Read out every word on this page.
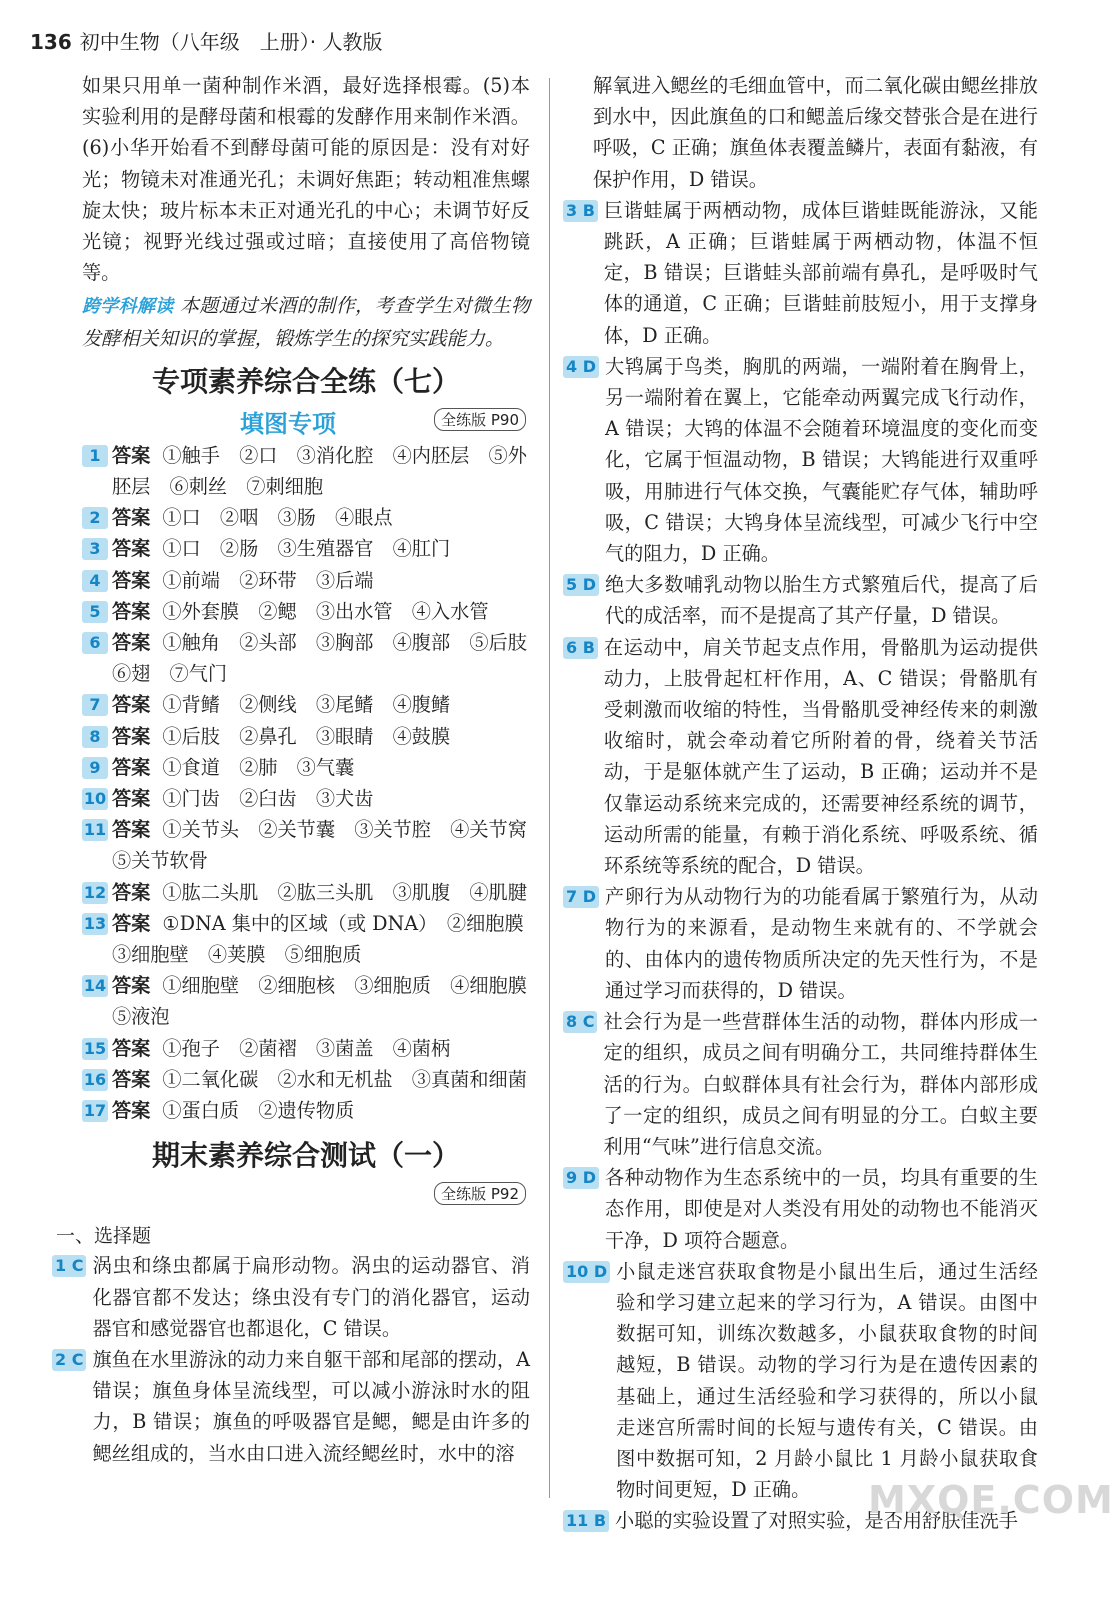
136 初中生物（八年级　上册）· 人教版

如果只用单一菌种制作米酒，最好选择根霉。(5)本实验利用的是酵母菌和根霉的发酵作用来制作米酒。(6)小华开始看不到酵母菌可能的原因是：没有对好光；物镜未对准通光孔；未调好焦距；转动粗准焦螺旋太快；玻片标本未正对通光孔的中心；未调节好反光镜；视野光线过强或过暗；直接使用了高倍物镜等。

跨学科解读 本题通过米酒的制作，考查学生对微生物发酵相关知识的掌握，锻炼学生的探究实践能力。

专项素养综合全练（七）
填图专项	全练版 P90
1 答案 ①触手　②口　③消化腔　④内胚层　⑤外胚层　⑥刺丝　⑦刺细胞
2 答案 ①口　②咽　③肠　④眼点
3 答案 ①口　②肠　③生殖器官　④肛门
4 答案 ①前端　②环带　③后端
5 答案 ①外套膜　②鳃　③出水管　④入水管
6 答案 ①触角　②头部　③胸部　④腹部　⑤后肢　⑥翅　⑦气门
7 答案 ①背鳍　②侧线　③尾鳍　④腹鳍
8 答案 ①后肢　②鼻孔　③眼睛　④鼓膜
9 答案 ①食道　②肺　③气囊
10 答案 ①门齿　②臼齿　③犬齿
11 答案 ①关节头　②关节囊　③关节腔　④关节窝　⑤关节软骨
12 答案 ①肱二头肌　②肱三头肌　③肌腹　④肌腱
13 答案 ①DNA 集中的区域（或 DNA）　②细胞膜　③细胞壁　④荚膜　⑤细胞质
14 答案 ①细胞壁　②细胞核　③细胞质　④细胞膜　⑤液泡
15 答案 ①孢子　②菌褶　③菌盖　④菌柄
16 答案 ①二氧化碳　②水和无机盐　③真菌和细菌
17 答案 ①蛋白质　②遗传物质
期末素养综合测试（一）
全练版 P92
一、选择题
1 C 涡虫和绦虫都属于扁形动物。涡虫的运动器官、消化器官都不发达；绦虫没有专门的消化器官，运动器官和感觉器官也都退化，C 错误。

2 C 旗鱼在水里游泳的动力来自躯干部和尾部的摆动，A 错误；旗鱼身体呈流线型，可以减小游泳时水的阻力，B 错误；旗鱼的呼吸器官是鳃，鳃是由许多的鳃丝组成的，当水由口进入流经鳃丝时，水中的溶

解氧进入鳃丝的毛细血管中，而二氧化碳由鳃丝排放到水中，因此旗鱼的口和鳃盖后缘交替张合是在进行呼吸，C 正确；旗鱼体表覆盖鳞片，表面有黏液，有保护作用，D 错误。

3 B 巨谐蛙属于两栖动物，成体巨谐蛙既能游泳，又能跳跃，A 正确；巨谐蛙属于两栖动物，体温不恒定，B 错误；巨谐蛙头部前端有鼻孔，是呼吸时气体的通道，C 正确；巨谐蛙前肢短小，用于支撑身体，D 正确。

4 D 大鸨属于鸟类，胸肌的两端，一端附着在胸骨上，另一端附着在翼上，它能牵动两翼完成飞行动作，A 错误；大鸨的体温不会随着环境温度的变化而变化，它属于恒温动物，B 错误；大鸨能进行双重呼吸，用肺进行气体交换，气囊能贮存气体，辅助呼吸，C 错误；大鸨身体呈流线型，可减少飞行中空气的阻力，D 正确。

5 D 绝大多数哺乳动物以胎生方式繁殖后代，提高了后代的成活率，而不是提高了其产仔量，D 错误。

6 B 在运动中，肩关节起支点作用，骨骼肌为运动提供动力，上肢骨起杠杆作用，A、C 错误；骨骼肌有受刺激而收缩的特性，当骨骼肌受神经传来的刺激收缩时，就会牵动着它所附着的骨，绕着关节活动，于是躯体就产生了运动，B 正确；运动并不是仅靠运动系统来完成的，还需要神经系统的调节，运动所需的能量，有赖于消化系统、呼吸系统、循环系统等系统的配合，D 错误。

7 D 产卵行为从动物行为的功能看属于繁殖行为，从动物行为的来源看，是动物生来就有的、不学就会的、由体内的遗传物质所决定的先天性行为，不是通过学习而获得的，D 错误。

8 C 社会行为是一些营群体生活的动物，群体内形成一定的组织，成员之间有明确分工，共同维持群体生活的行为。白蚁群体具有社会行为，群体内部形成了一定的组织，成员之间有明显的分工。白蚁主要利用“气味”进行信息交流。

9 D 各种动物作为生态系统中的一员，均具有重要的生态作用，即使是对人类没有用处的动物也不能消灭干净，D 项符合题意。

10 D 小鼠走迷宫获取食物是小鼠出生后，通过生活经验和学习建立起来的学习行为，A 错误。由图中数据可知，训练次数越多，小鼠获取食物的时间越短，B 错误。动物的学习行为是在遗传因素的基础上，通过生活经验和学习获得的，所以小鼠走迷宫所需时间的长短与遗传有关，C 错误。由图中数据可知，2 月龄小鼠比 1 月龄小鼠获取食物时间更短，D 正确。

11 B 小聪的实验设置了对照实验，是否用舒肤佳洗手

MXQE.COM
